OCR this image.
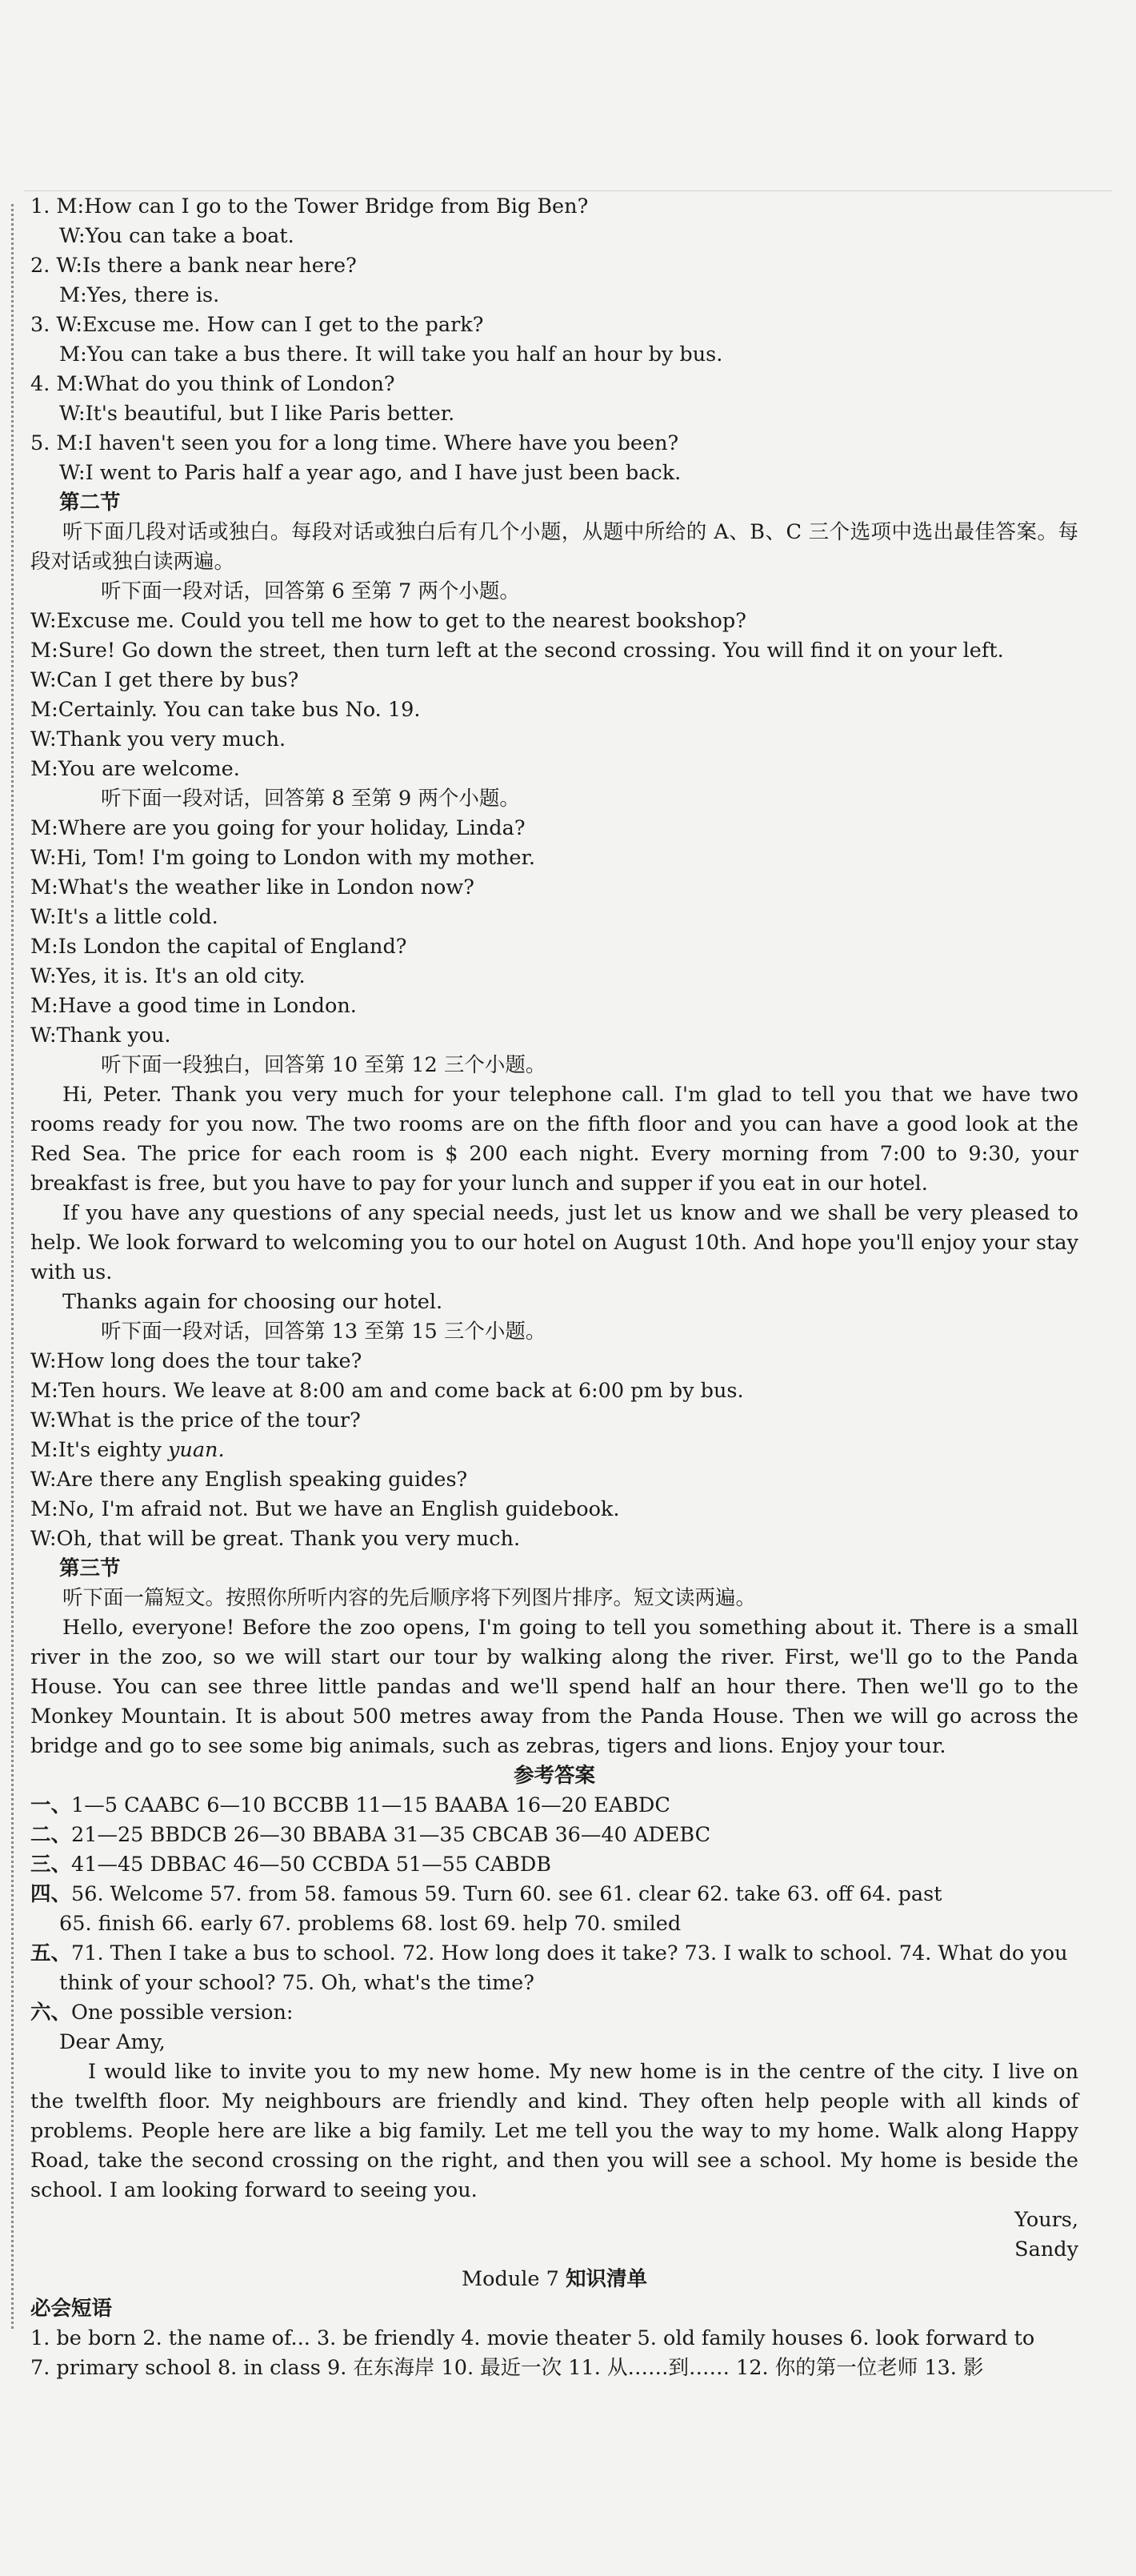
1. M:How can I go to the Tower Bridge from Big Ben?
W:You can take a boat.
2. W:Is there a bank near here?
M:Yes, there is.
3. W:Excuse me. How can I get to the park?
M:You can take a bus there. It will take you half an hour by bus.
4. M:What do you think of London?
W:It's beautiful, but I like Paris better.
5. M:I haven't seen you for a long time. Where have you been?
W:I went to Paris half a year ago, and I have just been back.
第二节
听下面几段对话或独白。每段对话或独白后有几个小题，从题中所给的 A、B、C 三个选项中选出最佳答案。每段对话或独白读两遍。
听下面一段对话，回答第 6 至第 7 两个小题。
W:Excuse me. Could you tell me how to get to the nearest bookshop?
M:Sure! Go down the street, then turn left at the second crossing. You will find it on your left.
W:Can I get there by bus?
M:Certainly. You can take bus No. 19.
W:Thank you very much.
M:You are welcome.
听下面一段对话，回答第 8 至第 9 两个小题。
M:Where are you going for your holiday, Linda?
W:Hi, Tom! I'm going to London with my mother.
M:What's the weather like in London now?
W:It's a little cold.
M:Is London the capital of England?
W:Yes, it is. It's an old city.
M:Have a good time in London.
W:Thank you.
听下面一段独白，回答第 10 至第 12 三个小题。
Hi, Peter. Thank you very much for your telephone call. I'm glad to tell you that we have two rooms ready for you now. The two rooms are on the fifth floor and you can have a good look at the Red Sea. The price for each room is $ 200 each night. Every morning from 7:00 to 9:30, your breakfast is free, but you have to pay for your lunch and supper if you eat in our hotel.
If you have any questions of any special needs, just let us know and we shall be very pleased to help. We look forward to welcoming you to our hotel on August 10th. And hope you'll enjoy your stay with us.
Thanks again for choosing our hotel.
听下面一段对话，回答第 13 至第 15 三个小题。
W:How long does the tour take?
M:Ten hours. We leave at 8:00 am and come back at 6:00 pm by bus.
W:What is the price of the tour?
M:It's eighty yuan.
W:Are there any English speaking guides?
M:No, I'm afraid not. But we have an English guidebook.
W:Oh, that will be great. Thank you very much.
第三节
听下面一篇短文。按照你所听内容的先后顺序将下列图片排序。短文读两遍。
Hello, everyone! Before the zoo opens, I'm going to tell you something about it. There is a small river in the zoo, so we will start our tour by walking along the river. First, we'll go to the Panda House. You can see three little pandas and we'll spend half an hour there. Then we'll go to the Monkey Mountain. It is about 500 metres away from the Panda House. Then we will go across the bridge and go to see some big animals, such as zebras, tigers and lions. Enjoy your tour.
参考答案
一、1—5 CAABC 6—10 BCCBB 11—15 BAABA 16—20 EABDC
二、21—25 BBDCB 26—30 BBABA 31—35 CBCAB 36—40 ADEBC
三、41—45 DBBAC 46—50 CCBDA 51—55 CABDB
四、56. Welcome 57. from 58. famous 59. Turn 60. see 61. clear 62. take 63. off 64. past
65. finish 66. early 67. problems 68. lost 69. help 70. smiled
五、71. Then I take a bus to school. 72. How long does it take? 73. I walk to school. 74. What do you
think of your school? 75. Oh, what's the time?
六、One possible version:
Dear Amy,
I would like to invite you to my new home. My new home is in the centre of the city. I live on the twelfth floor. My neighbours are friendly and kind. They often help people with all kinds of problems. People here are like a big family. Let me tell you the way to my home. Walk along Happy Road, take the second crossing on the right, and then you will see a school. My home is beside the school. I am looking forward to seeing you.
Yours,
Sandy
Module 7 知识清单
必会短语
1. be born 2. the name of... 3. be friendly 4. movie theater 5. old family houses 6. look forward to
7. primary school 8. in class 9. 在东海岸 10. 最近一次 11. 从……到…… 12. 你的第一位老师 13. 影
